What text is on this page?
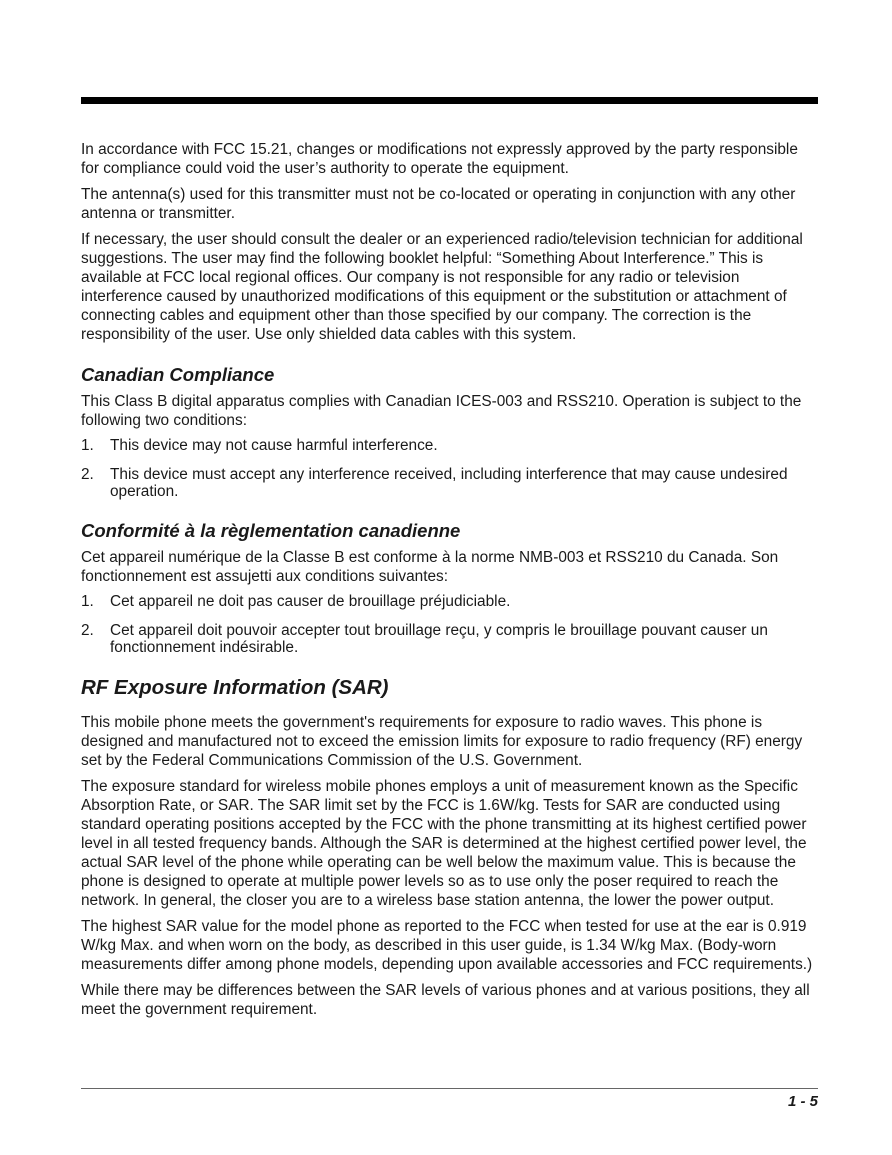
In accordance with FCC 15.21, changes or modifications not expressly approved by the party responsible for compliance could void the user’s authority to operate the equipment.

The antenna(s) used for this transmitter must not be co-located or operating in conjunction with any other antenna or transmitter.

If necessary, the user should consult the dealer or an experienced radio/television technician for additional suggestions. The user may find the following booklet helpful: “Something About Interference.” This is available at FCC local regional offices. Our company is not responsible for any radio or television interference caused by unauthorized modifications of this equipment or the substitution or attachment of connecting cables and equipment other than those specified by our company. The correction is the responsibility of the user. Use only shielded data cables with this system.

Canadian Compliance

This Class B digital apparatus complies with Canadian ICES-003 and RSS210. Operation is subject to the following two conditions:

1.	This device may not cause harmful interference.
2.	This device must accept any interference received, including interference that may cause undesired operation.
Conformité à la règlementation canadienne

Cet appareil numérique de la Classe B est conforme à la norme NMB-003 et RSS210 du Canada. Son fonctionnement est assujetti aux conditions suivantes:

1.	Cet appareil ne doit pas causer de brouillage préjudiciable.
2.	Cet appareil doit pouvoir accepter tout brouillage reçu, y compris le brouillage pouvant causer un fonctionnement indésirable.
RF Exposure Information (SAR)

This mobile phone meets the government's requirements for exposure to radio waves. This phone is designed and manufactured not to exceed the emission limits for exposure to radio frequency (RF) energy set by the Federal Communications Commission of the U.S. Government.

The exposure standard for wireless mobile phones employs a unit of measurement known as the Specific Absorption Rate, or SAR. The SAR limit set by the FCC is 1.6W/kg. Tests for SAR are conducted using standard operating positions accepted by the FCC with the phone transmitting at its highest certified power level in all tested frequency bands. Although the SAR is determined at the highest certified power level, the actual SAR level of the phone while operating can be well below the maximum value. This is because the phone is designed to operate at multiple power levels so as to use only the poser required to reach the network. In general, the closer you are to a wireless base station antenna, the lower the power output.

The highest SAR value for the model phone as reported to the FCC when tested for use at the ear is 0.919 W/kg Max. and when worn on the body, as described in this user guide, is 1.34 W/kg Max. (Body-worn measurements differ among phone models, depending upon available accessories and FCC requirements.)

While there may be differences between the SAR levels of various phones and at various positions, they all meet the government requirement.

1 - 5
